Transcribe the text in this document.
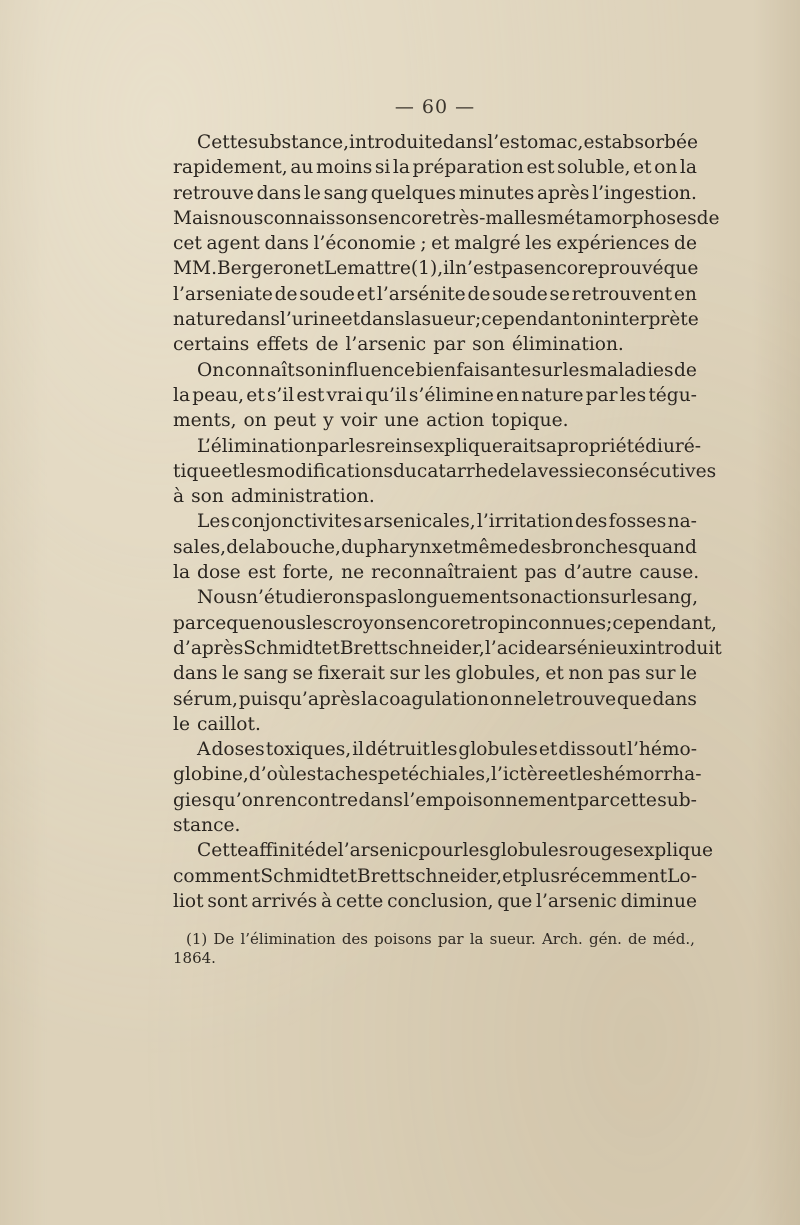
— 60 —
Cette substance, introduite dans l’estomac, est absorbée
rapidement, au moins si la préparation est soluble, et on la
retrouve dans le sang quelques minutes après l’ingestion.
Mais nous connaissons encore très-mal les métamorphoses de
cet agent dans l’économie ; et malgré les expériences de
MM. Bergeron et Lemattre (1), il n’est pas encore prouvé que
l’arseniate de soude et l’arsénite de soude se retrouvent en
nature dans l’urine et dans la sueur ; cependant on interprète
certains effets de l’arsenic par son élimination.
On connaît son influence bienfaisante sur les maladies de
la peau, et s’il est vrai qu’il s’élimine en nature par les tégu-
ments, on peut y voir une action topique.
L’élimination par les reins expliquerait sa propriété diuré-
tique et les modifications du catarrhe de la vessie consécutives
à son administration.
Les conjonctivites arsenicales, l’irritation des fosses na-
sales, de la bouche, du pharynx et même des bronches quand
la dose est forte, ne reconnaîtraient pas d’autre cause.
Nous n’étudierons pas longuement son action sur le sang,
parce que nous les croyons encore trop inconnues ; cependant,
d’après Schmidt et Brettschneider, l’acide arsénieux introduit
dans le sang se fixerait sur les globules, et non pas sur le
sérum, puisqu’après la coagulation on ne le trouve que dans
le caillot.
A doses toxiques, il détruit les globules et dissout l’hémo-
globine, d’où les taches petéchiales, l’ictère et les hémorrha-
gies qu’on rencontre dans l’empoisonnement par cette sub-
stance.
Cette affinité de l’arsenic pour les globules rouges explique
comment Schmidt et Brettschneider, et plus récemment Lo-
liot sont arrivés à cette conclusion, que l’arsenic diminue
(1) De l’élimination des poisons par la sueur. Arch. gén. de méd.,
1864.
